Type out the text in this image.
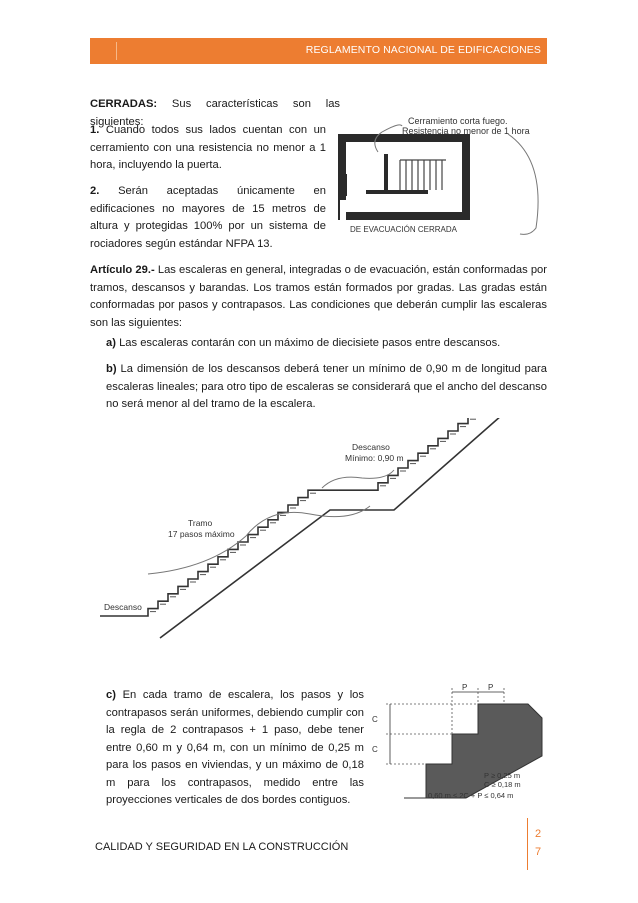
REGLAMENTO NACIONAL DE EDIFICACIONES
CERRADAS: Sus características son las siguientes:
1. Cuando todos sus lados cuentan con un cerramiento con una resistencia no menor a 1 hora, incluyendo la puerta.
2. Serán aceptadas únicamente en edificaciones no mayores de 15 metros de altura y protegidas 100% por un sistema de rociadores según estándar NFPA 13.
Cerramiento corta fuego.
Resistencia no menor de 1 hora
DE EVACUACIÓN CERRADA
Artículo 29.- Las escaleras en general, integradas o de evacuación, están conformadas por tramos, descansos y barandas. Los tramos están formados por gradas. Las gradas están conformadas por pasos y contrapasos. Las condiciones que deberán cumplir las escaleras son las siguientes:
a) Las escaleras contarán con un máximo de diecisiete pasos entre descansos.
b) La dimensión de los descansos deberá tener un mínimo de 0,90 m de longitud para escaleras lineales; para otro tipo de escaleras se considerará que el ancho del descanso no será menor al del tramo de la escalera.
Descanso
Mínimo: 0,90 m
Tramo
17 pasos máximo
Descanso
c) En cada tramo de escalera, los pasos y los contrapasos serán uniformes, debiendo cumplir con la regla de 2 contrapasos + 1 paso, debe tener entre 0,60 m y 0,64 m, con un mínimo de 0,25 m para los pasos en viviendas, y un máximo de 0,18 m para los contrapasos, medido entre las proyecciones verticales de dos bordes contiguos.
P	P
C
C
P ≥ 0,25 m
C ≥ 0,18 m
0,60 m ≤ 2C + P ≤ 0,64 m
CALIDAD Y SEGURIDAD EN LA CONSTRUCCIÓN
2
7
